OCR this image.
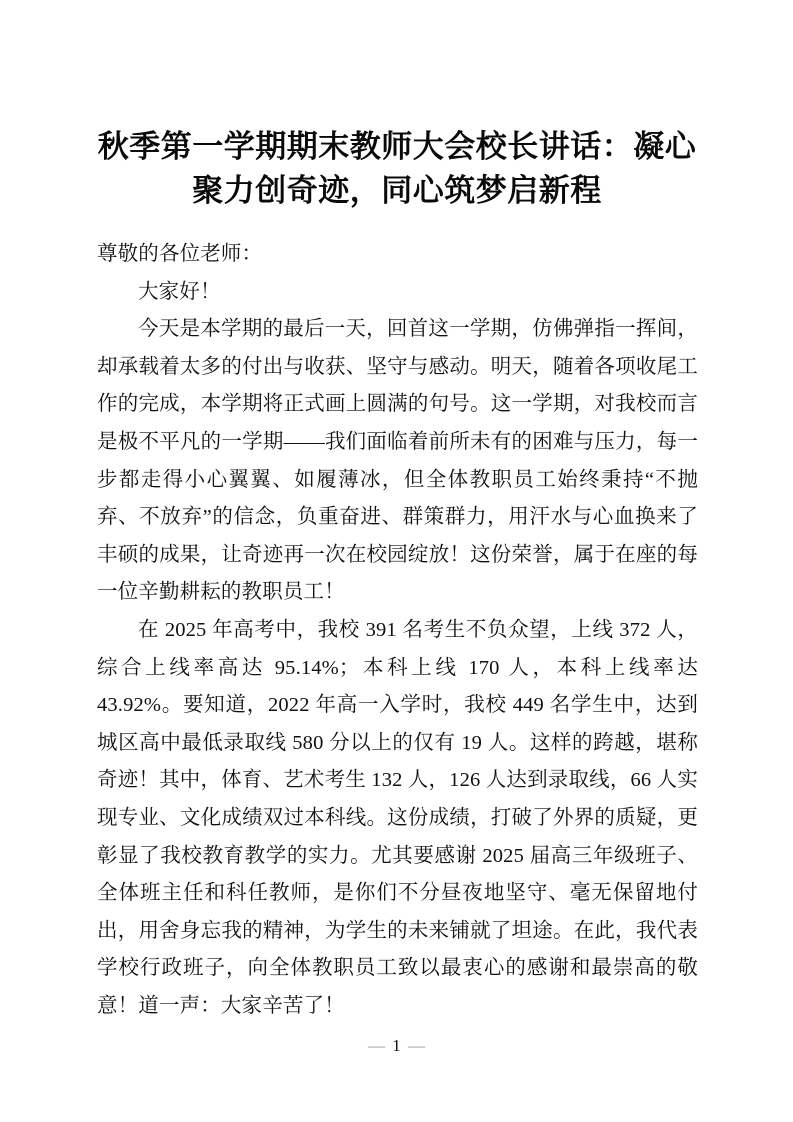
秋季第一学期期末教师大会校长讲话：凝心聚力创奇迹，同心筑梦启新程

尊敬的各位老师：

大家好！

今天是本学期的最后一天，回首这一学期，仿佛弹指一挥间，却承载着太多的付出与收获、坚守与感动。明天，随着各项收尾工作的完成，本学期将正式画上圆满的句号。这一学期，对我校而言是极不平凡的一学期——我们面临着前所未有的困难与压力，每一步都走得小心翼翼、如履薄冰，但全体教职员工始终秉持“不抛弃、不放弃”的信念，负重奋进、群策群力，用汗水与心血换来了丰硕的成果，让奇迹再一次在校园绽放！这份荣誉，属于在座的每一位辛勤耕耘的教职员工！

在 2025 年高考中，我校 391 名考生不负众望，上线 372 人，综合上线率高达 95.14%；本科上线 170 人，本科上线率达 43.92%。要知道，2022 年高一入学时，我校 449 名学生中，达到城区高中最低录取线 580 分以上的仅有 19 人。这样的跨越，堪称奇迹！其中，体育、艺术考生 132 人，126 人达到录取线，66 人实现专业、文化成绩双过本科线。这份成绩，打破了外界的质疑，更彰显了我校教育教学的实力。尤其要感谢 2025 届高三年级班子、全体班主任和科任教师，是你们不分昼夜地坚守、毫无保留地付出，用舍身忘我的精神，为学生的未来铺就了坦途。在此，我代表学校行政班子，向全体教职员工致以最衷心的感谢和最崇高的敬意！道一声：大家辛苦了！

— 1 —
